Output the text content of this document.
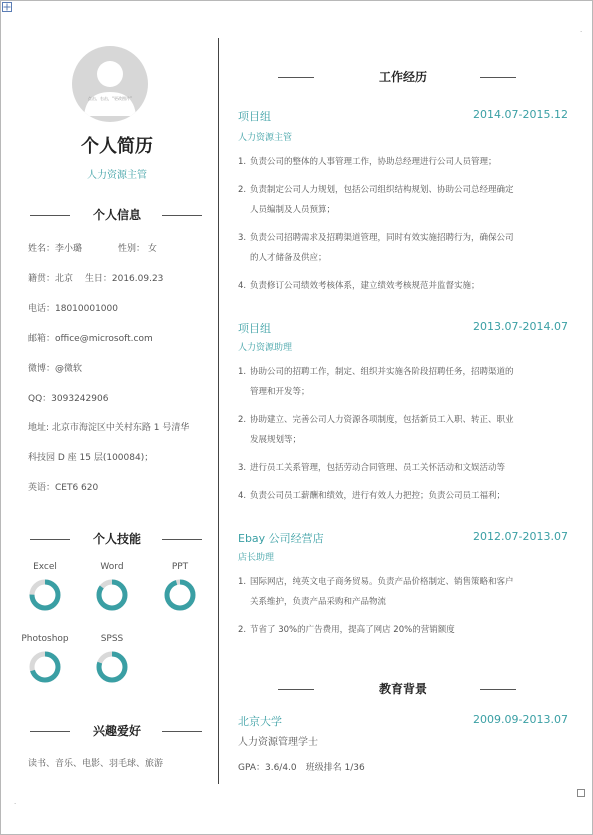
.
.
点击、右击，“更改图片”
个人简历
人力资源主管
个人信息
姓名：李小璐　　　　性别： 女
籍贯：北京　 生日：2016.09.23
电话：18010001000
邮箱：office@microsoft.com
微博：@微软
QQ：3093242906
地址: 北京市海淀区中关村东路 1 号清华
科技园 D 座 15 层(100084)；
英语：CET6 620
个人技能
Excel	Word	PPT
Photoshop	SPSS
兴趣爱好
读书、音乐、电影、羽毛球、旅游
工作经历
项目组	2014.07-2015.12
人力资源主管
1. 负责公司的整体的人事管理工作，协助总经理进行公司人员管理；
2. 负责制定公司人力规划，包括公司组织结构规划、协助公司总经理确定
人员编制及人员预算；
3. 负责公司招聘需求及招聘渠道管理，同时有效实施招聘行为，确保公司
的人才储备及供应；
4. 负责修订公司绩效考核体系，建立绩效考核规范并监督实施；
项目组	2013.07-2014.07
人力资源助理
1. 协助公司的招聘工作，制定、组织并实施各阶段招聘任务，招聘渠道的
管理和开发等；
2. 协助建立、完善公司人力资源各项制度，包括新员工入职、转正、职业
发展规划等；
3. 进行员工关系管理，包括劳动合同管理、员工关怀活动和文娱活动等
4. 负责公司员工薪酬和绩效，进行有效人力把控；负责公司员工福利；
Ebay 公司经营店	2012.07-2013.07
店长助理
1. 国际网店，纯英文电子商务贸易。负责产品价格制定、销售策略和客户
关系维护，负责产品采购和产品物流
2. 节省了 30%的广告费用，提高了网店 20%的营销额度
教育背景
北京大学	2009.09-2013.07
人力资源管理学士
GPA：3.6/4.0　班级排名 1/36
